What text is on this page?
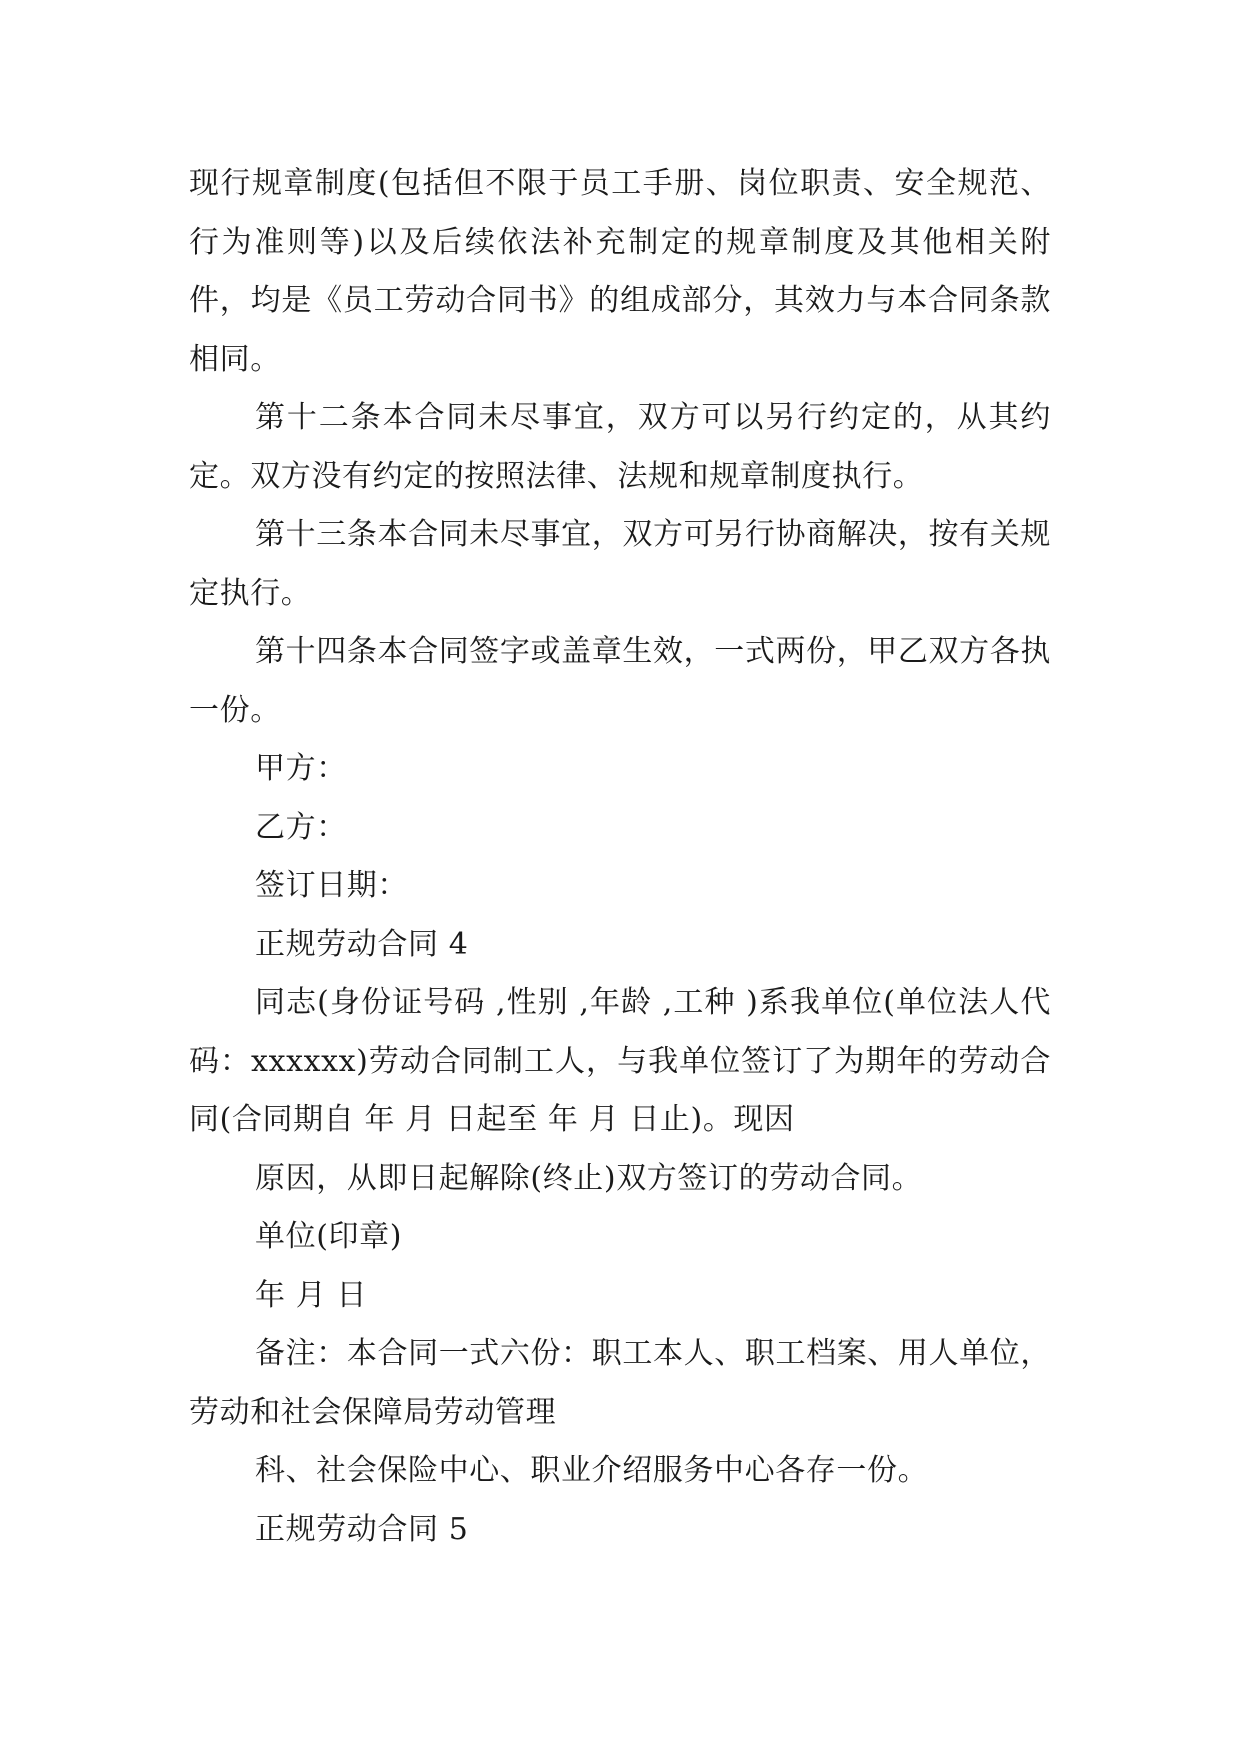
现行规章制度(包括但不限于员工手册、岗位职责、安全规范、行为准则等)以及后续依法补充制定的规章制度及其他相关附件，均是《员工劳动合同书》的组成部分，其效力与本合同条款相同。

第十二条本合同未尽事宜，双方可以另行约定的，从其约定。双方没有约定的按照法律、法规和规章制度执行。

第十三条本合同未尽事宜，双方可另行协商解决，按有关规定执行。

第十四条本合同签字或盖章生效，一式两份，甲乙双方各执一份。

甲方：

乙方：

签订日期：

正规劳动合同 4

同志(身份证号码 ,性别 ,年龄 ,工种 )系我单位(单位法人代码：xxxxxx)劳动合同制工人，与我单位签订了为期年的劳动合同(合同期自 年 月 日起至 年 月 日止)。现因

原因，从即日起解除(终止)双方签订的劳动合同。

单位(印章)

年 月 日

备注：本合同一式六份：职工本人、职工档案、用人单位，劳动和社会保障局劳动管理

科、社会保险中心、职业介绍服务中心各存一份。

正规劳动合同 5
